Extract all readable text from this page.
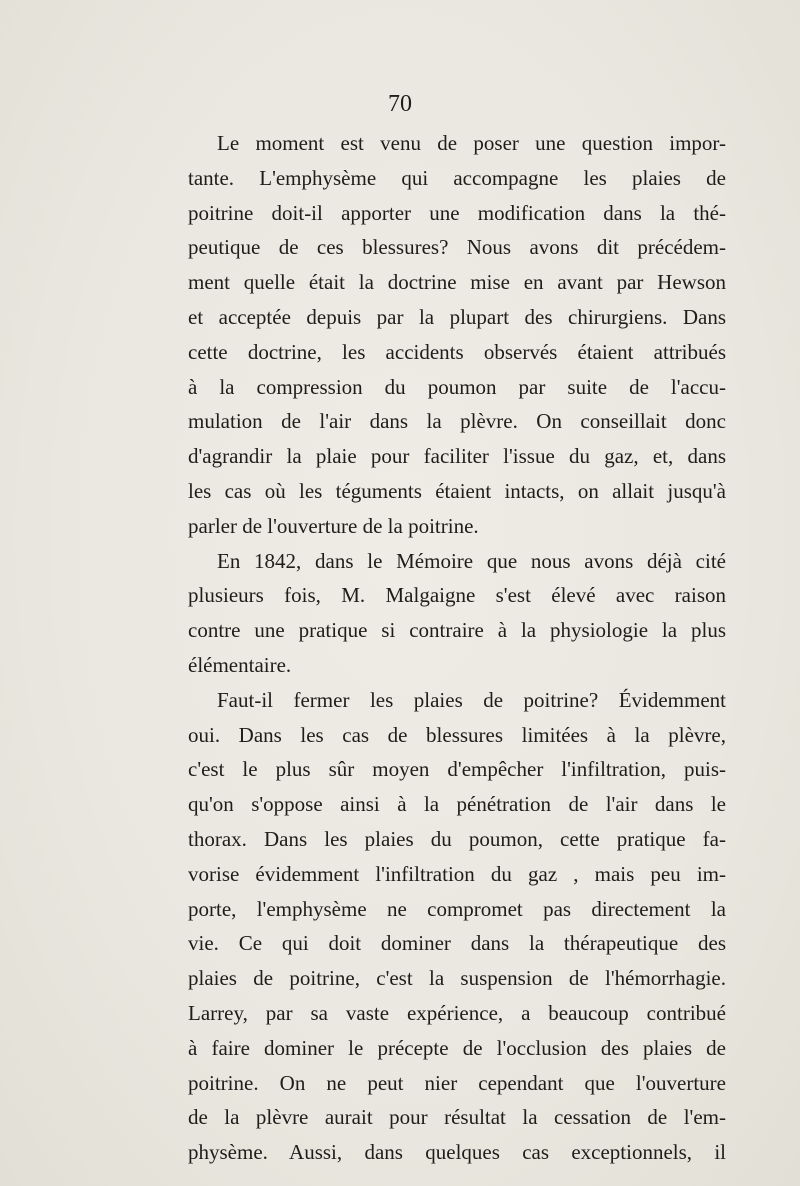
70
Le moment est venu de poser une question impor-
tante. L'emphysème qui accompagne les plaies de
poitrine doit-il apporter une modification dans la thé-
peutique de ces blessures? Nous avons dit précédem-
ment quelle était la doctrine mise en avant par Hewson
et acceptée depuis par la plupart des chirurgiens. Dans
cette doctrine, les accidents observés étaient attribués
à la compression du poumon par suite de l'accu-
mulation de l'air dans la plèvre. On conseillait donc
d'agrandir la plaie pour faciliter l'issue du gaz, et, dans
les cas où les téguments étaient intacts, on allait jusqu'à
parler de l'ouverture de la poitrine.
En 1842, dans le Mémoire que nous avons déjà cité
plusieurs fois, M. Malgaigne s'est élevé avec raison
contre une pratique si contraire à la physiologie la plus
élémentaire.
Faut-il fermer les plaies de poitrine? Évidemment
oui. Dans les cas de blessures limitées à la plèvre,
c'est le plus sûr moyen d'empêcher l'infiltration, puis-
qu'on s'oppose ainsi à la pénétration de l'air dans le
thorax. Dans les plaies du poumon, cette pratique fa-
vorise évidemment l'infiltration du gaz , mais peu im-
porte, l'emphysème ne compromet pas directement la
vie. Ce qui doit dominer dans la thérapeutique des
plaies de poitrine, c'est la suspension de l'hémorrhagie.
Larrey, par sa vaste expérience, a beaucoup contribué
à faire dominer le précepte de l'occlusion des plaies de
poitrine. On ne peut nier cependant que l'ouverture
de la plèvre aurait pour résultat la cessation de l'em-
physème. Aussi, dans quelques cas exceptionnels, il
